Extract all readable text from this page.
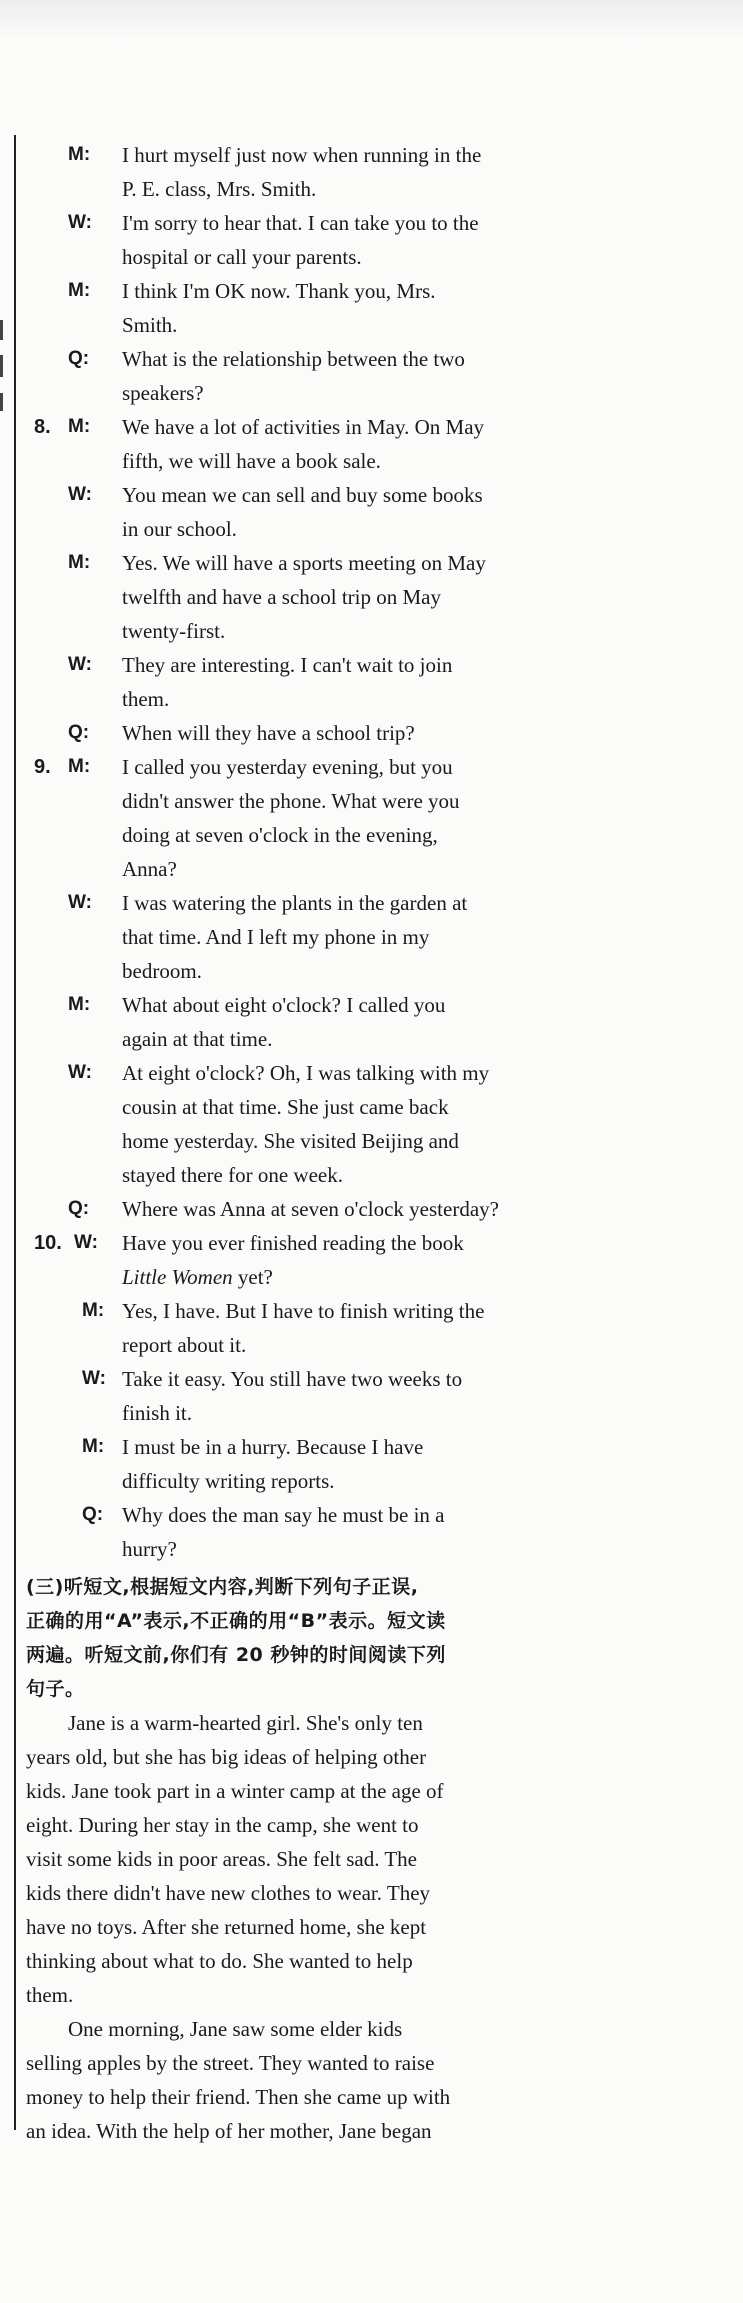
M: I hurt myself just now when running in the
P. E. class, Mrs. Smith.
W: I'm sorry to hear that. I can take you to the
hospital or call your parents.
M: I think I'm OK now. Thank you, Mrs.
Smith.
Q: What is the relationship between the two
speakers?
8. M: We have a lot of activities in May. On May
fifth, we will have a book sale.
W: You mean we can sell and buy some books
in our school.
M: Yes. We will have a sports meeting on May
twelfth and have a school trip on May
twenty-first.
W: They are interesting. I can't wait to join
them.
Q: When will they have a school trip?
9. M: I called you yesterday evening, but you
didn't answer the phone. What were you
doing at seven o'clock in the evening,
Anna?
W: I was watering the plants in the garden at
that time. And I left my phone in my
bedroom.
M: What about eight o'clock? I called you
again at that time.
W: At eight o'clock? Oh, I was talking with my
cousin at that time. She just came back
home yesterday. She visited Beijing and
stayed there for one week.
Q: Where was Anna at seven o'clock yesterday?
10. W: Have you ever finished reading the book
Little Women yet?
M: Yes, I have. But I have to finish writing the
report about it.
W: Take it easy. You still have two weeks to
finish it.
M: I must be in a hurry. Because I have
difficulty writing reports.
Q: Why does the man say he must be in a
hurry?
(三)听短文,根据短文内容,判断下列句子正误,
正确的用“A”表示,不正确的用“B”表示。短文读
两遍。听短文前,你们有 20 秒钟的时间阅读下列
句子。
Jane is a warm-hearted girl. She's only ten
years old, but she has big ideas of helping other
kids. Jane took part in a winter camp at the age of
eight. During her stay in the camp, she went to
visit some kids in poor areas. She felt sad. The
kids there didn't have new clothes to wear. They
have no toys. After she returned home, she kept
thinking about what to do. She wanted to help
them.
One morning, Jane saw some elder kids
selling apples by the street. They wanted to raise
money to help their friend. Then she came up with
an idea. With the help of her mother, Jane began
